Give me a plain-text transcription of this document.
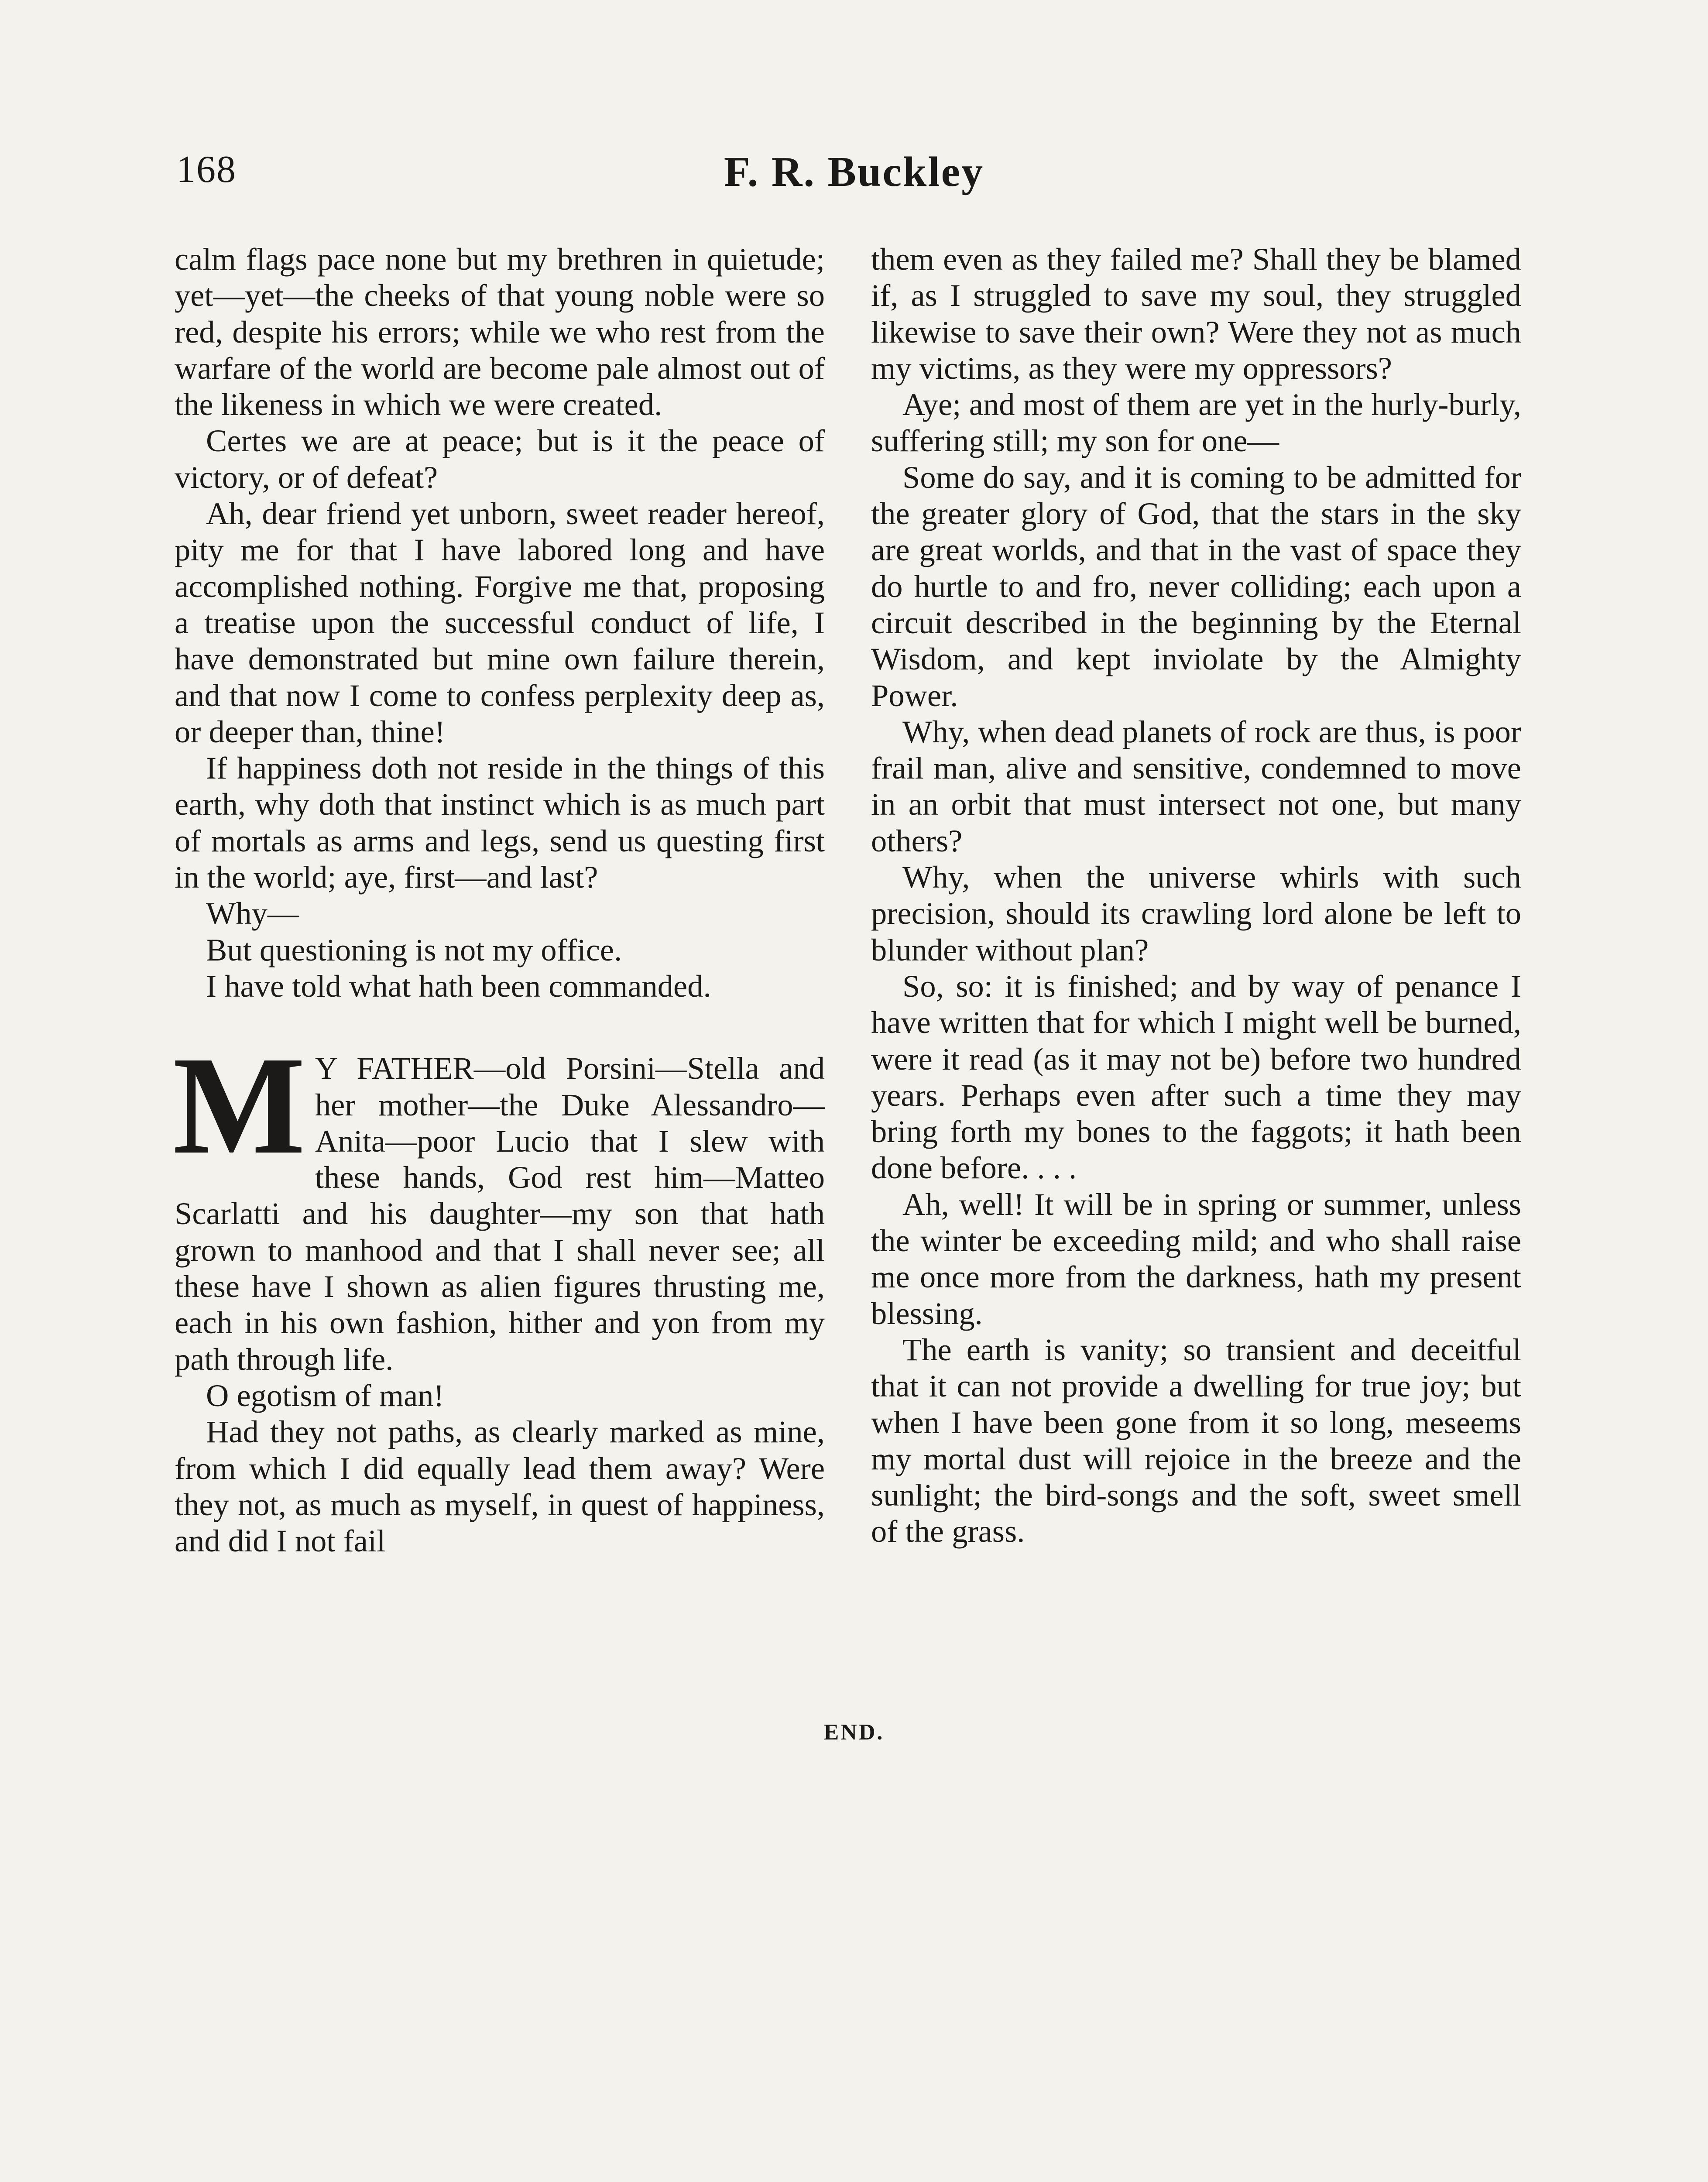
168	F. R. Buckley

calm flags pace none but my brethren in quietude; yet—yet—the cheeks of that young noble were so red, despite his errors; while we who rest from the warfare of the world are become pale almost out of the likeness in which we were created.

Certes we are at peace; but is it the peace of victory, or of defeat?

Ah, dear friend yet unborn, sweet reader hereof, pity me for that I have labored long and have accomplished nothing. Forgive me that, proposing a treatise upon the successful conduct of life, I have demonstrated but mine own failure therein, and that now I come to confess perplexity deep as, or deeper than, thine!

If happiness doth not reside in the things of this earth, why doth that instinct which is as much part of mortals as arms and legs, send us questing first in the world; aye, first—and last?

Why—

But questioning is not my office.

I have told what hath been commanded.

M Y FATHER—old Porsini—Stella and her mother—the Duke Alessandro—Anita—poor Lucio that I slew with these hands, God rest him—Matteo Scarlatti and his daughter—my son that hath grown to manhood and that I shall never see; all these have I shown as alien figures thrusting me, each in his own fashion, hither and yon from my path through life.

O egotism of man!

Had they not paths, as clearly marked as mine, from which I did equally lead them away? Were they not, as much as myself, in quest of happiness, and did I not fail

them even as they failed me? Shall they be blamed if, as I struggled to save my soul, they struggled likewise to save their own? Were they not as much my victims, as they were my oppressors?

Aye; and most of them are yet in the hurly-burly, suffering still; my son for one—

Some do say, and it is coming to be admitted for the greater glory of God, that the stars in the sky are great worlds, and that in the vast of space they do hurtle to and fro, never colliding; each upon a circuit described in the beginning by the Eternal Wisdom, and kept inviolate by the Almighty Power.

Why, when dead planets of rock are thus, is poor frail man, alive and sensitive, condemned to move in an orbit that must intersect not one, but many others?

Why, when the universe whirls with such precision, should its crawling lord alone be left to blunder without plan?

So, so: it is finished; and by way of penance I have written that for which I might well be burned, were it read (as it may not be) before two hundred years. Perhaps even after such a time they may bring forth my bones to the faggots; it hath been done before. . . .

Ah, well! It will be in spring or summer, unless the winter be exceeding mild; and who shall raise me once more from the darkness, hath my present blessing.

The earth is vanity; so transient and deceitful that it can not provide a dwelling for true joy; but when I have been gone from it so long, meseems my mortal dust will rejoice in the breeze and the sunlight; the bird-songs and the soft, sweet smell of the grass.

END.
